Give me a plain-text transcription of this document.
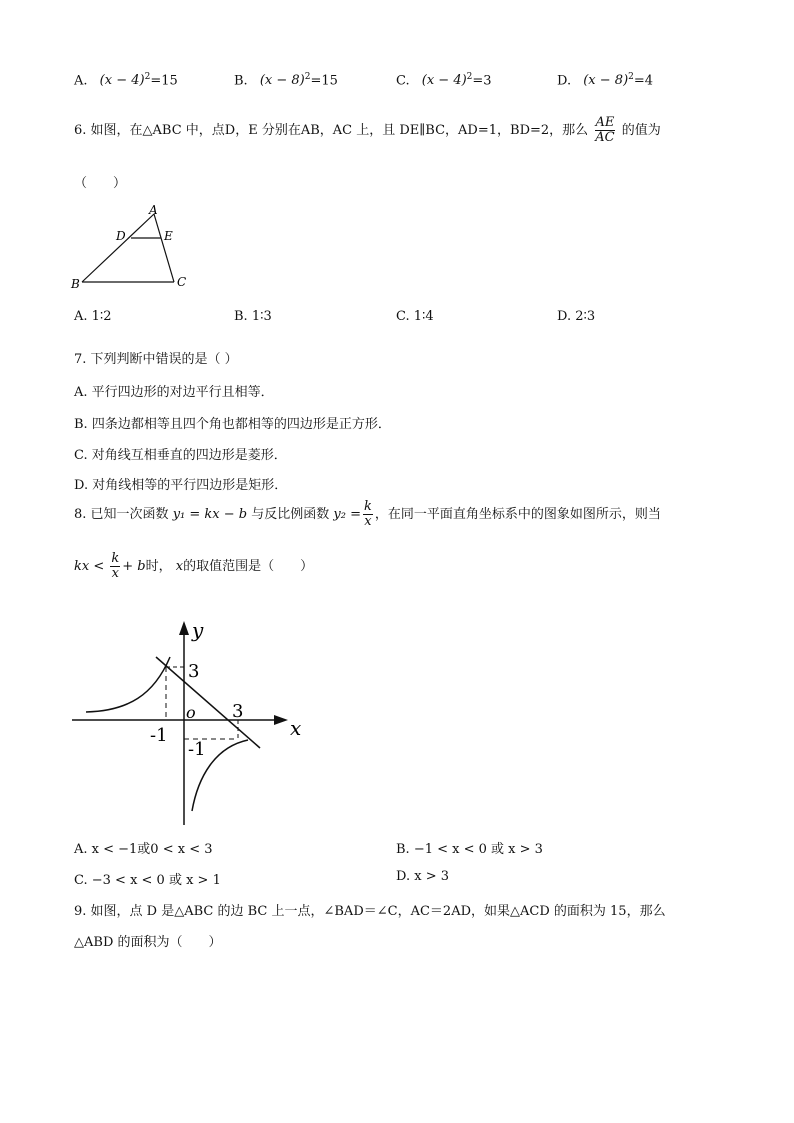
A. $(x - 4)^2=15$	B. $(x - 8)^2=15$	C. $(x - 4)^2=3$	D. $(x - 8)^2=4$
6. 如图，在△ABC 中，点D，E 分别在AB，AC 上，且 DE∥BC，AD=1，BD=2，那么 $\frac{AE}{AC}$ 的值为
（　　）
A
D	E
B	C
A. 1∶2	B. 1∶3	C. 1∶4	D. 2∶3
7. 下列判断中错误的是（ ）
A. 平行四边形的对边平行且相等．
B. 四条边都相等且四个角也都相等的四边形是正方形．
C. 对角线互相垂直的四边形是菱形．
D. 对角线相等的平行四边形是矩形．
8. 已知一次函数 y₁ = kx − b 与反比例函数 $y_2 = \frac{k}{x}$ ，在同一平面直角坐标系中的图象如图所示，则当
kx < $\frac{k}{x} + b$时， x的取值范围是（　　）
y
x
o
3
3
-1
-1
A. x < −1或0 < x < 3	B. −1 < x < 0 或 x > 3
C. −3 < x < 0 或 x > 1	D. x > 3
9. 如图，点 D 是△ABC 的边 BC 上一点，∠BAD＝∠C，AC＝2AD，如果△ACD 的面积为 15，那么
△ABD 的面积为（　　）
